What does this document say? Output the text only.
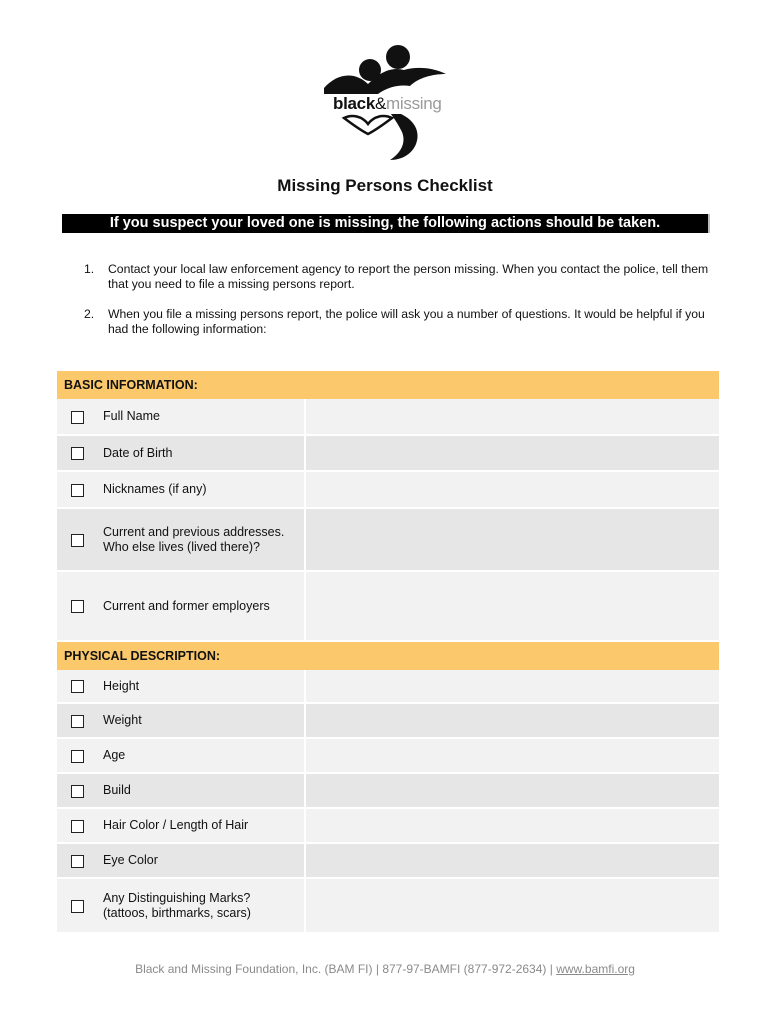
black&missing
Missing Persons Checklist
If you suspect your loved one is missing, the following actions should be taken.
1. Contact your local law enforcement agency to report the person missing. When you contact the police, tell them that you need to file a missing persons report.
2. When you file a missing persons report, the police will ask you a number of questions. It would be helpful if you had the following information:
BASIC INFORMATION:		
	Full Name	
	Date of Birth	
	Nicknames (if any)	
	Current and previous addresses.
Who else lives (lived there)?	
	Current and former employers	
PHYSICAL DESCRIPTION:		
	Height	
	Weight	
	Age	
	Build	
	Hair Color / Length of Hair	
	Eye Color	
	Any Distinguishing Marks?
(tattoos, birthmarks, scars)	
Black and Missing Foundation, Inc. (BAM FI) | 877-97-BAMFI (877-972-2634) | www.bamfi.org
